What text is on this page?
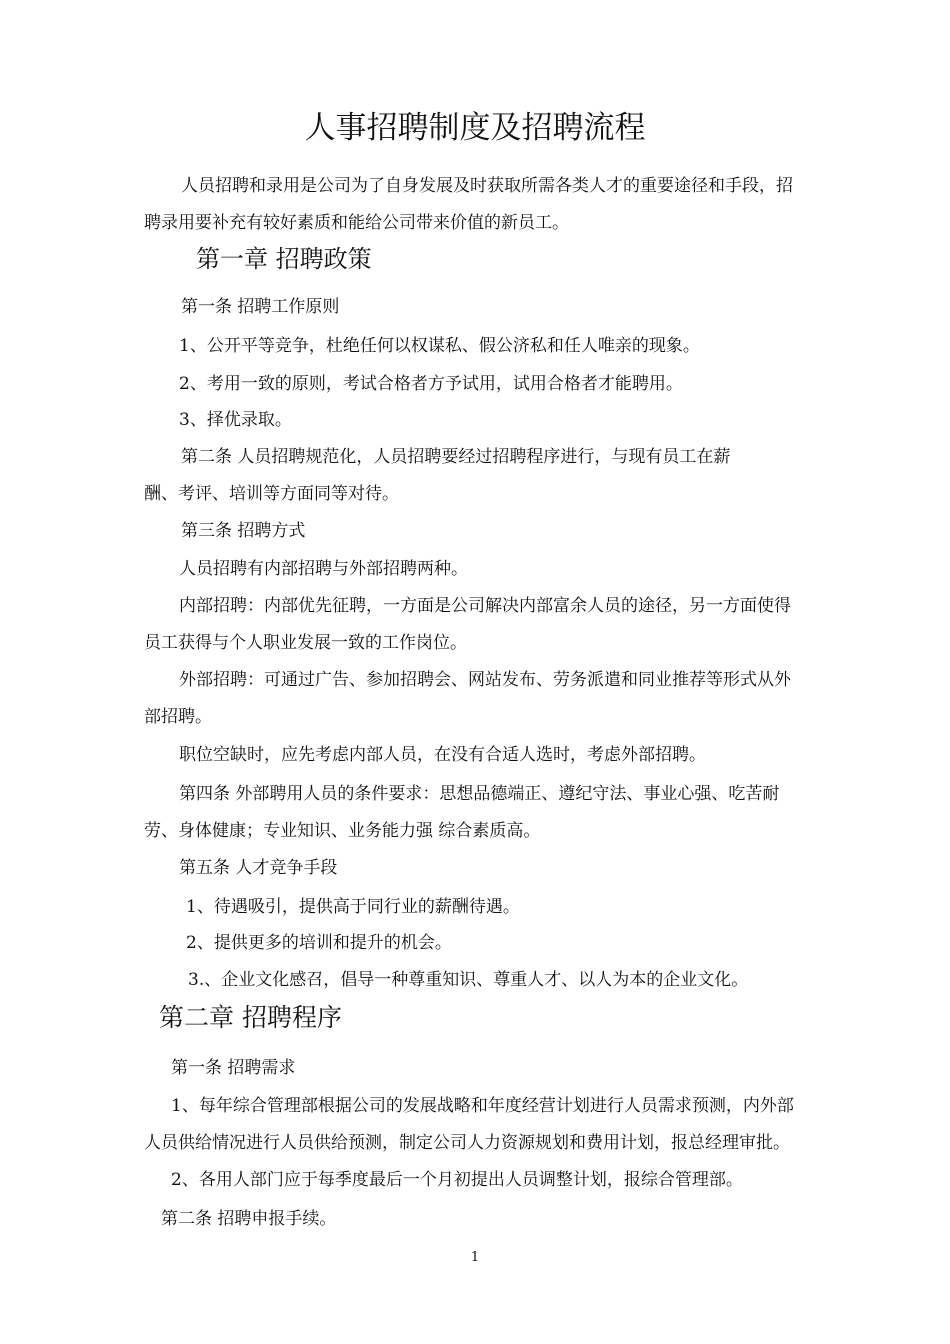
人事招聘制度及招聘流程
人员招聘和录用是公司为了自身发展及时获取所需各类人才的重要途径和手段，招
聘录用要补充有较好素质和能给公司带来价值的新员工。
第一章 招聘政策
第一条 招聘工作原则
1、公开平等竞争，杜绝任何以权谋私、假公济私和任人唯亲的现象。
2、考用一致的原则，考试合格者方予试用，试用合格者才能聘用。
3、择优录取。
第二条 人员招聘规范化，人员招聘要经过招聘程序进行，与现有员工在薪
酬、考评、培训等方面同等对待。
第三条 招聘方式
人员招聘有内部招聘与外部招聘两种。
内部招聘：内部优先征聘，一方面是公司解决内部富余人员的途径，另一方面使得
员工获得与个人职业发展一致的工作岗位。
外部招聘：可通过广告、参加招聘会、网站发布、劳务派遣和同业推荐等形式从外
部招聘。
职位空缺时，应先考虑内部人员，在没有合适人选时，考虑外部招聘。
第四条 外部聘用人员的条件要求：思想品德端正、遵纪守法、事业心强、吃苦耐
劳、身体健康；专业知识、业务能力强 综合素质高。
第五条 人才竞争手段
1、待遇吸引，提供高于同行业的薪酬待遇。
2、提供更多的培训和提升的机会。
3.、企业文化感召，倡导一种尊重知识、尊重人才、以人为本的企业文化。
第二章 招聘程序
第一条 招聘需求
1、每年综合管理部根据公司的发展战略和年度经营计划进行人员需求预测，内外部
人员供给情况进行人员供给预测，制定公司人力资源规划和费用计划，报总经理审批。
2、各用人部门应于每季度最后一个月初提出人员调整计划，报综合管理部。
第二条 招聘申报手续。
1
